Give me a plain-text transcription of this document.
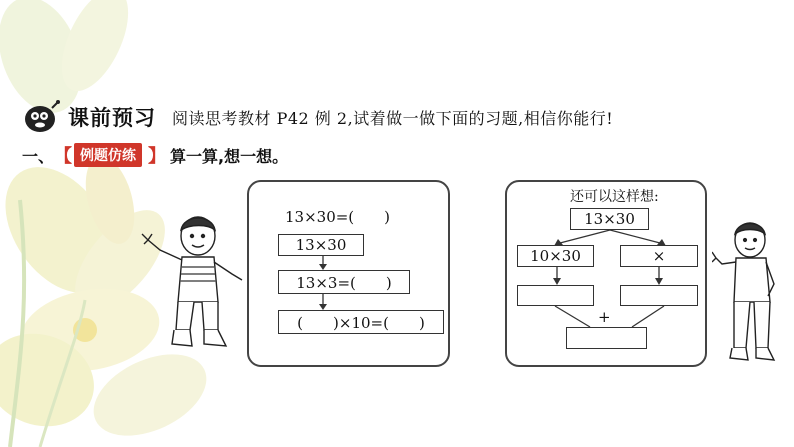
课前预习 阅读思考教材 P42 例 2,试着做一做下面的习题,相信你能行!
一、 【 例题仿练 】 算一算,想一想。
13×30=(　　)
13×30
13×3=(　　)
(　　)×10=(　　)
还可以这样想:
13×30
10×30	×
+
